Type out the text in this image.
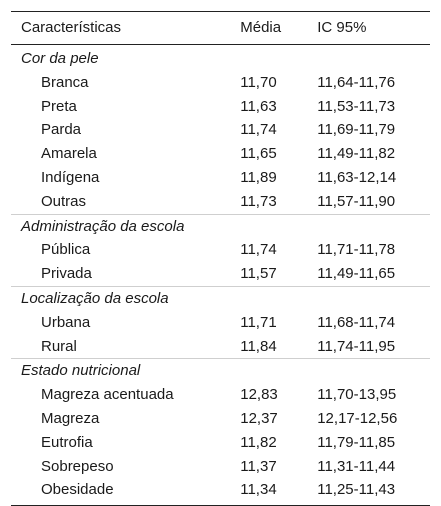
Características	Média	IC 95%
Cor da pele		
Branca	11,70	11,64-11,76
Preta	11,63	11,53-11,73
Parda	11,74	11,69-11,79
Amarela	11,65	11,49-11,82
Indígena	11,89	11,63-12,14
Outras	11,73	11,57-11,90
Administração da escola		
Pública	11,74	11,71-11,78
Privada	11,57	11,49-11,65
Localização da escola		
Urbana	11,71	11,68-11,74
Rural	11,84	11,74-11,95
Estado nutricional		
Magreza acentuada	12,83	11,70-13,95
Magreza	12,37	12,17-12,56
Eutrofia	11,82	11,79-11,85
Sobrepeso	11,37	11,31-11,44
Obesidade	11,34	11,25-11,43
